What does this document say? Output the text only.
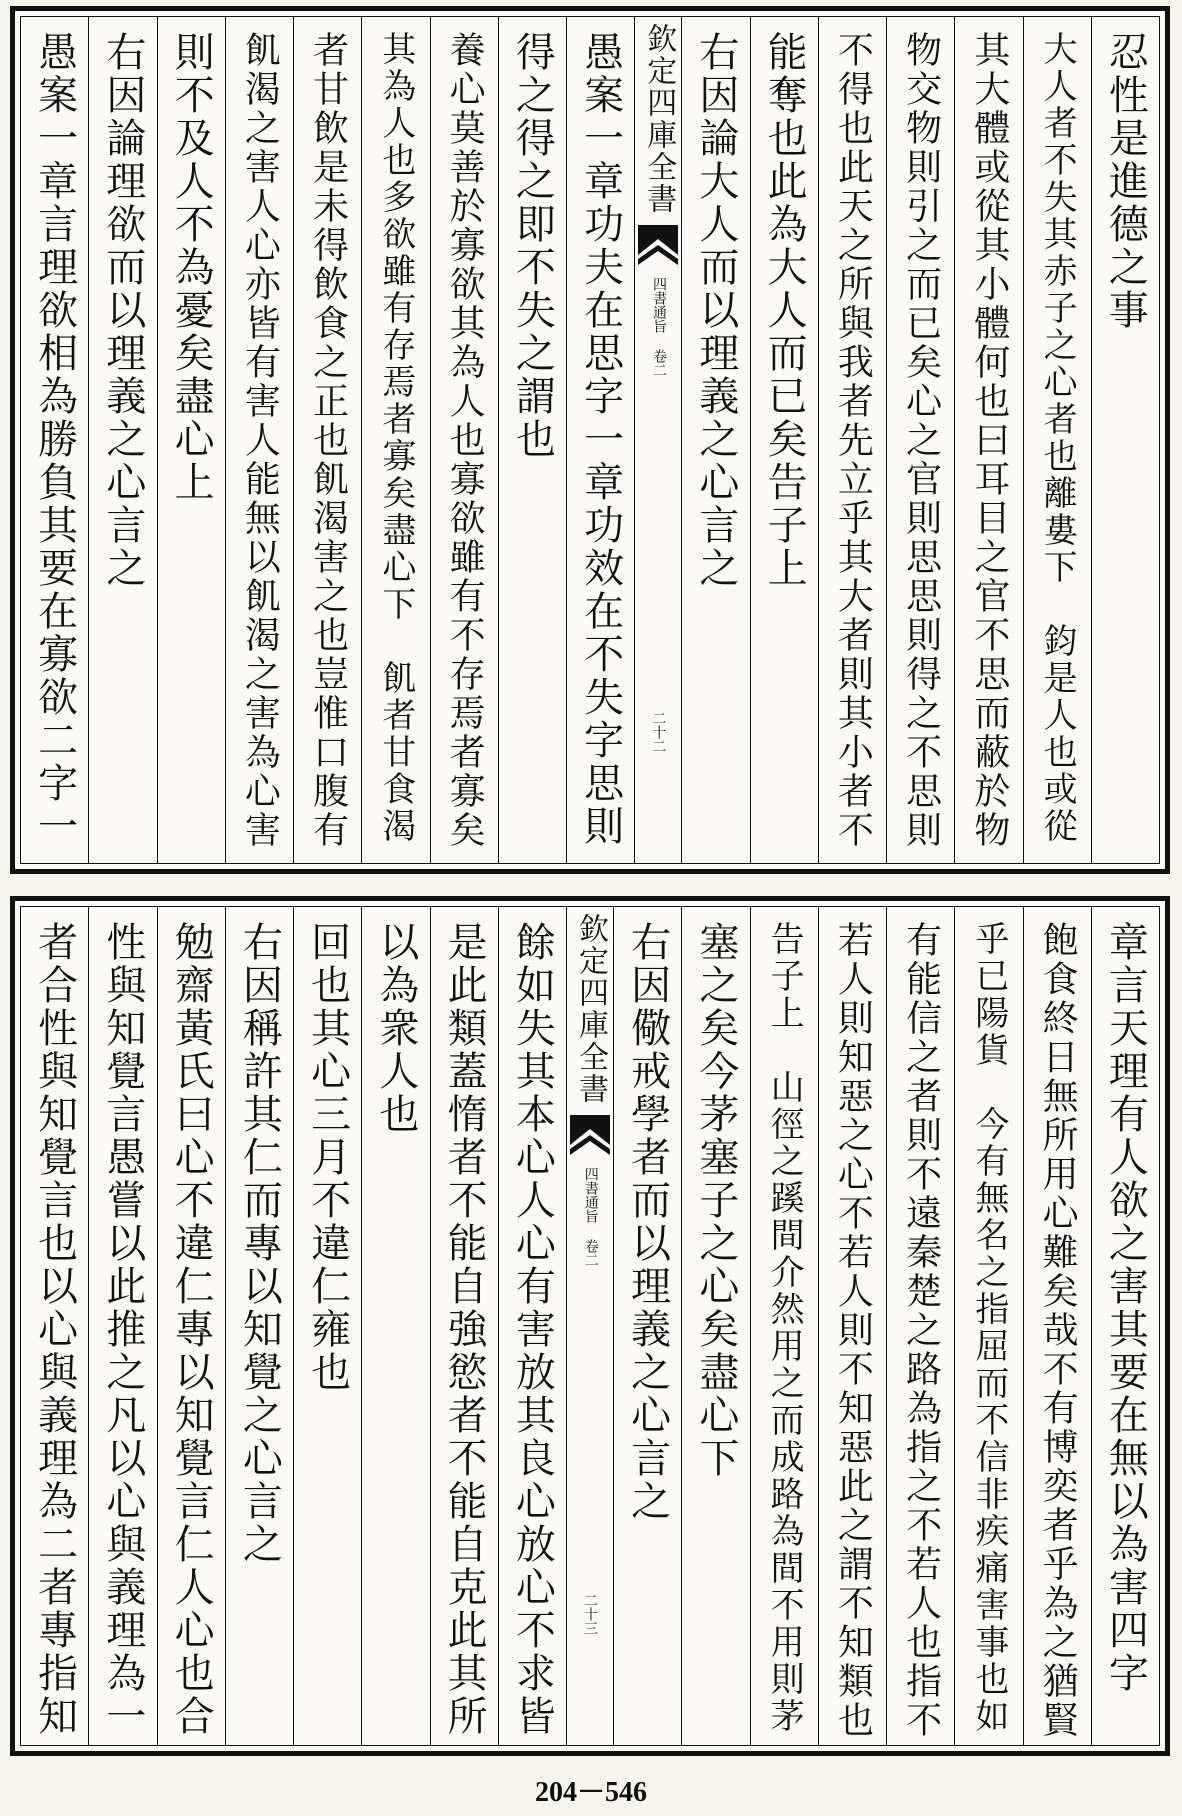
忍性是進德之事
大人者不失其赤子之心者也離婁下　鈞是人也或從
其大體或從其小體何也曰耳目之官不思而蔽於物
物交物則引之而已矣心之官則思思則得之不思則
不得也此天之所與我者先立乎其大者則其小者不
能奪也此為大人而已矣告子上
右因論大人而以理義之心言之
欽定四庫全書
四書通旨 卷二
二十二
愚案一章功夫在思字一章功效在不失字思則
得之得之即不失之謂也
養心莫善於寡欲其為人也寡欲雖有不存焉者寡矣
其為人也多欲雖有存焉者寡矣盡心下　飢者甘食渴
者甘飲是未得飲食之正也飢渴害之也豈惟口腹有
飢渴之害人心亦皆有害人能無以飢渴之害為心害
則不及人不為憂矣盡心上
右因論理欲而以理義之心言之
愚案一章言理欲相為勝負其要在寡欲二字一
章言天理有人欲之害其要在無以為害四字
飽食終日無所用心難矣哉不有博奕者乎為之猶賢
乎已陽貨　今有無名之指屈而不信非疾痛害事也如
有能信之者則不遠秦楚之路為指之不若人也指不
若人則知惡之心不若人則不知惡此之謂不知類也
告子上　山徑之蹊間介然用之而成路為間不用則茅
塞之矣今茅塞子之心矣盡心下
右因儆戒學者而以理義之心言之
欽定四庫全書
四書通旨 卷二
二十三
餘如失其本心人心有害放其良心放心不求皆
是此類蓋惰者不能自強慾者不能自克此其所
以為衆人也
回也其心三月不違仁雍也
右因稱許其仁而專以知覺之心言之
勉齋黃氏曰心不違仁專以知覺言仁人心也合
性與知覺言愚嘗以此推之凡以心與義理為一
者合性與知覺言也以心與義理為二者專指知
204－546
